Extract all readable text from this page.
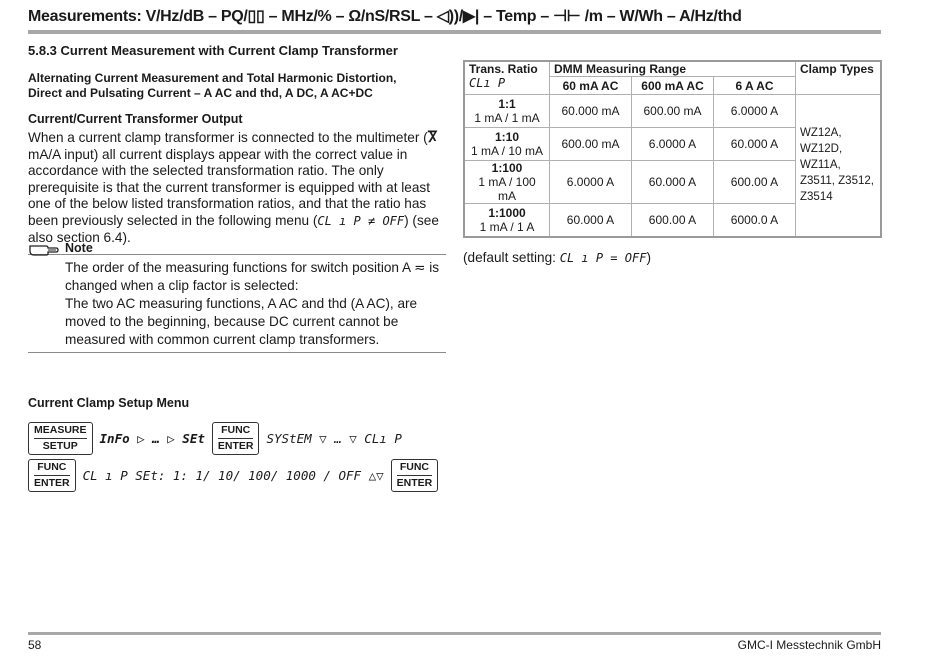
Measurements: V/Hz/dB – PQ/▯▯ – MHz/% – Ω/nS/RSL – ◁))/▶| – Temp – ⊣⊢ /m – W/Wh – A/Hz/thd
5.8.3 Current Measurement with Current Clamp Transformer
Alternating Current Measurement and Total Harmonic Distortion,
Direct and Pulsating Current – A AC and thd, A DC, A AC+DC
Current/Current Transformer Output
When a current clamp transformer is connected to the multimeter (Ⴟ mA/A input) all current displays appear with the correct value in accordance with the selected transformation ratio. The only prerequisite is that the current transformer is equipped with at least one of the below listed transformation ratios, and that the ratio has been previously selected in the following menu (CL ı P ≠ OFF) (see also section 6.4).
Note

The order of the measuring functions for switch position A ≂ is changed when a clip factor is selected:

The two AC measuring functions, A AC and thd (A AC), are moved to the beginning, because DC current cannot be measured with common current clamp transformers.

Trans. Ratio
CLı P	DMM Measuring Range			Clamp Types
	60 mA AC	600 mA AC	6 A AC	

1:1
1 mA / 1 mA	60.000 mA	600.00 mA	6.0000 A	WZ12A, WZ12D, WZ11A, Z3511, Z3512, Z3514

1:10
1 mA / 10 mA	600.00 mA	6.0000 A	60.000 A	

1:100
1 mA / 100 mA	6.0000 A	60.000 A	600.00 A	

1:1000
1 mA / 1 A	60.000 A	600.00 A	6000.0 A	
(default setting: CL ı P = OFF)
Current Clamp Setup Menu
MEASURE
SETUP	InFo ▷ … ▷ SEt
FUNC
ENTER SYStEM ▽ … ▽ CLı P
FUNC
ENTER CL ı P SEt: 1: 1/ 10/ 100/ 1000 / OFF △▽
FUNC
ENTER
58	GMC-I Messtechnik GmbH
